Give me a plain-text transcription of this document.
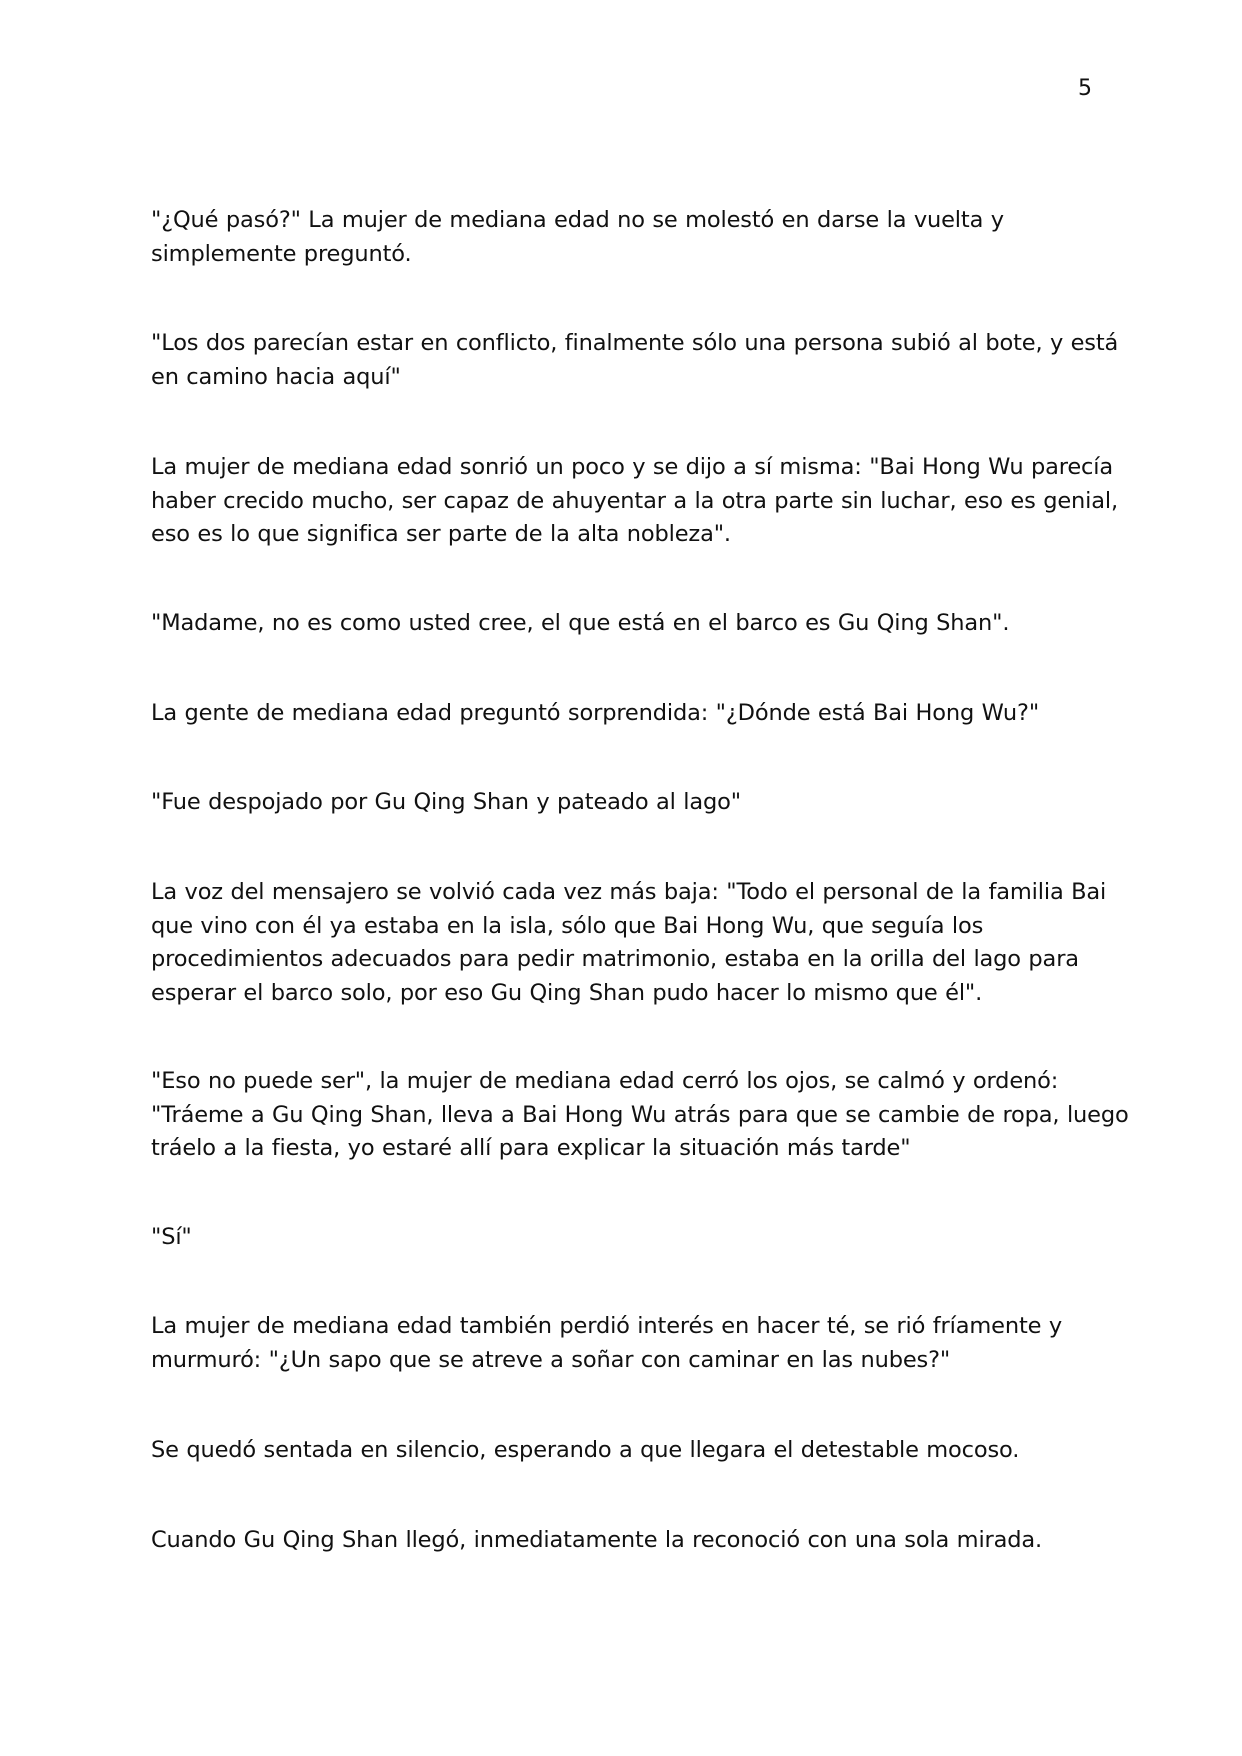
5

"¿Qué pasó?" La mujer de mediana edad no se molestó en darse la vuelta y
simplemente preguntó.

"Los dos parecían estar en conflicto, finalmente sólo una persona subió al bote, y está
en camino hacia aquí"

La mujer de mediana edad sonrió un poco y se dijo a sí misma: "Bai Hong Wu parecía
haber crecido mucho, ser capaz de ahuyentar a la otra parte sin luchar, eso es genial,
eso es lo que significa ser parte de la alta nobleza".

"Madame, no es como usted cree, el que está en el barco es Gu Qing Shan".

La gente de mediana edad preguntó sorprendida: "¿Dónde está Bai Hong Wu?"

"Fue despojado por Gu Qing Shan y pateado al lago"

La voz del mensajero se volvió cada vez más baja: "Todo el personal de la familia Bai
que vino con él ya estaba en la isla, sólo que Bai Hong Wu, que seguía los
procedimientos adecuados para pedir matrimonio, estaba en la orilla del lago para
esperar el barco solo, por eso Gu Qing Shan pudo hacer lo mismo que él".

"Eso no puede ser", la mujer de mediana edad cerró los ojos, se calmó y ordenó:
"Tráeme a Gu Qing Shan, lleva a Bai Hong Wu atrás para que se cambie de ropa, luego
tráelo a la fiesta, yo estaré allí para explicar la situación más tarde"

"Sí"

La mujer de mediana edad también perdió interés en hacer té, se rió fríamente y
murmuró: "¿Un sapo que se atreve a soñar con caminar en las nubes?"

Se quedó sentada en silencio, esperando a que llegara el detestable mocoso.

Cuando Gu Qing Shan llegó, inmediatamente la reconoció con una sola mirada.
